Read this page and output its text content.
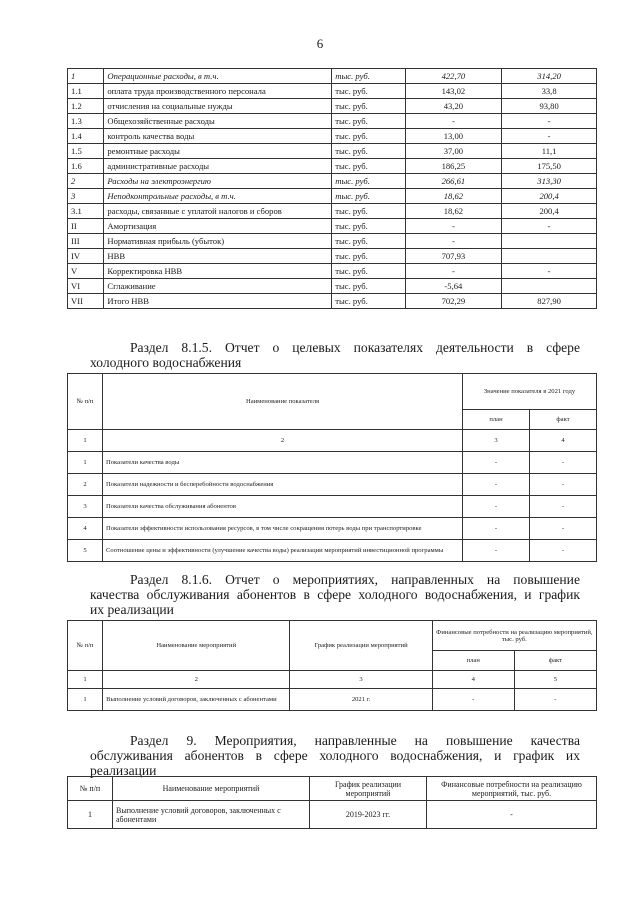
6
1	Операционные расходы, в т.ч.	тыс. руб.	422,70	314,20
1.1	оплата труда производственного персонала	тыс. руб.	143,02	33,8
1.2	отчисления на социальные нужды	тыс. руб.	43,20	93,80
1.3	Общехозяйственные расходы	тыс. руб.	-	-
1.4	контроль качества воды	тыс. руб.	13,00	-
1.5	ремонтные расходы	тыс. руб.	37,00	11,1
1.6	административные расходы	тыс. руб.	186,25	175,50
2	Расходы на электроэнергию	тыс. руб.	266,61	313,30
3	Неподконтрольные расходы, в т.ч.	тыс. руб.	18,62	200,4
3.1	расходы, связанные с уплатой налогов и сборов	тыс. руб.	18,62	200,4
II	Амортизация	тыс. руб.	-	-
III	Нормативная прибыль (убыток)	тыс. руб.	-	
IV	НВВ	тыс. руб.	707,93	
V	Корректировка НВВ	тыс. руб.	-	-
VI	Сглаживание	тыс. руб.	-5,64	
VII	Итого НВВ	тыс. руб.	702,29	827,90
Раздел 8.1.5. Отчет о целевых показателях деятельности в сфере
холодного водоснабжения
№ п/п	Наименование показателя	Значение показателя в 2021 году	
		план	факт
1	2	3	4
1	Показатели качества воды	-	-
2	Показатели надежности и бесперебойности водоснабжения	-	-
3	Показатели качества обслуживания абонентов	-	-
4	Показатели эффективности использования ресурсов, в том числе сокращения потерь воды при транспортировке	-	-
5	Соотношение цены и эффективности (улучшение качества воды) реализации мероприятий инвестиционной программы	-	-
Раздел 8.1.6. Отчет о мероприятиях, направленных на повышение
качества обслуживания абонентов в сфере холодного водоснабжения, и график
их реализации
№ п/п	Наименование мероприятий	График реализации мероприятий	Финансовые потребности на реализацию мероприятий, тыс. руб.	
			план	факт
1	2	3	4	5
1	Выполнение условий договоров, заключенных с абонентами	2021 г.	-	-
Раздел 9. Мероприятия, направленные на повышение качества
обслуживания абонентов в сфере холодного водоснабжения, и график их
реализации
№ п/п	Наименование мероприятий	График реализации мероприятий	Финансовые потребности на реализацию мероприятий, тыс. руб.
1	Выполнение условий договоров, заключенных с абонентами	2019-2023 гг.	-
